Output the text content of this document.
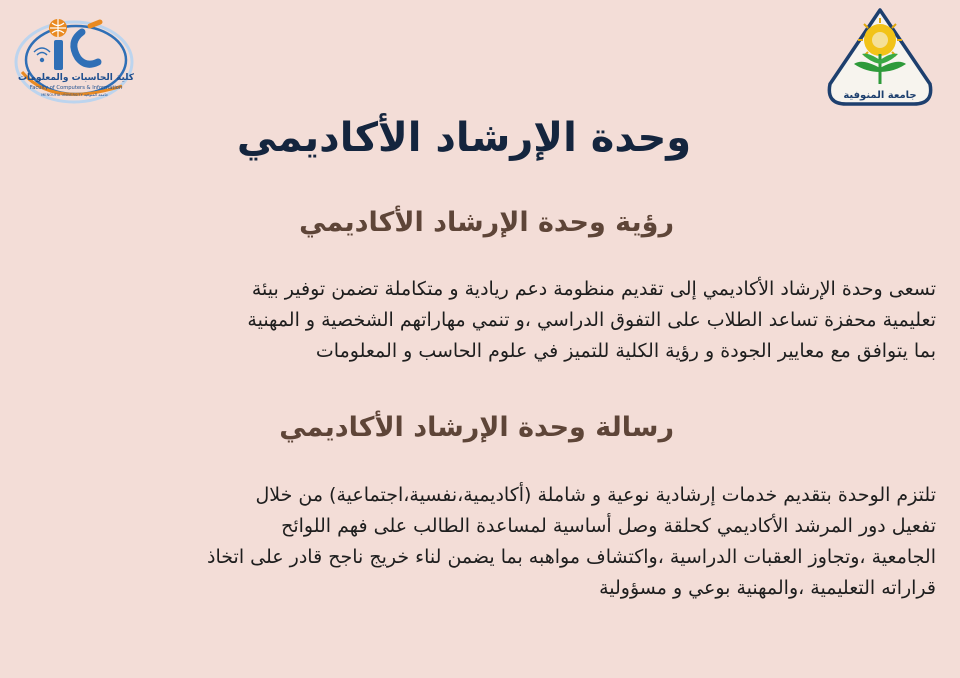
كلية الحاسبات والمعلومات
Faculty of Computers & Information
MENOUFIA UNIVERSITY جامعة المنوفية	جامعة المنوفية
وحدة الإرشاد الأكاديمي
رؤية وحدة الإرشاد الأكاديمي
تسعى وحدة الإرشاد الأكاديمي إلى تقديم منظومة دعم ريادية و متكاملة تضمن توفير بيئة
تعليمية محفزة تساعد الطلاب على التفوق الدراسي ،و تنمي مهاراتهم الشخصية و المهنية
بما يتوافق مع معايير الجودة و رؤية الكلية للتميز في علوم الحاسب و المعلومات
رسالة وحدة الإرشاد الأكاديمي
تلتزم الوحدة بتقديم خدمات إرشادية نوعية و شاملة (أكاديمية،نفسية،اجتماعية) من خلال
تفعيل دور المرشد الأكاديمي كحلقة وصل أساسية لمساعدة الطالب على فهم اللوائح
الجامعية ،وتجاوز العقبات الدراسية ،واكتشاف مواهبه بما يضمن لناء خريج ناجح قادر على اتخاذ
قراراته التعليمية ،والمهنية بوعي و مسؤولية
